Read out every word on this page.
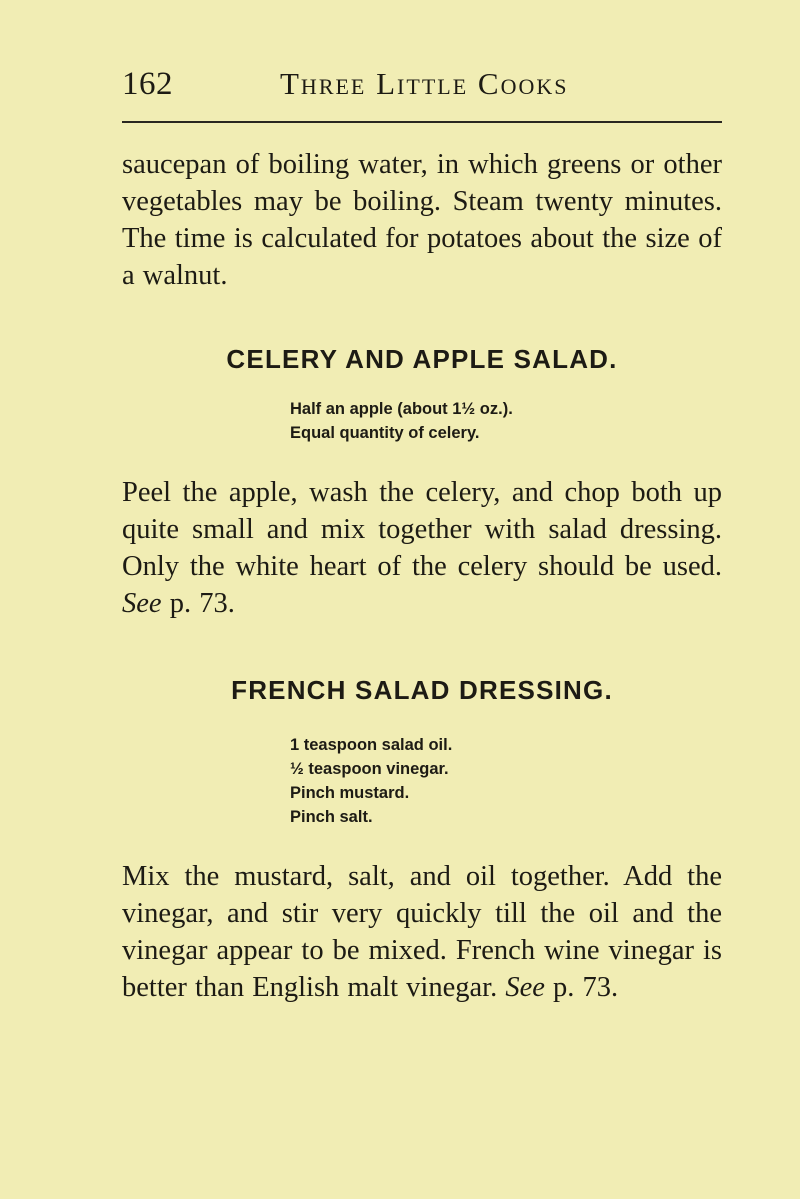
162	Three Little Cooks

saucepan of boiling water, in which greens or other vegetables may be boiling. Steam twenty minutes. The time is calculated for potatoes about the size of a walnut.

CELERY AND APPLE SALAD.
Half an apple (about 1½ oz.).
Equal quantity of celery.

Peel the apple, wash the celery, and chop both up quite small and mix together with salad dressing. Only the white heart of the celery should be used. See p. 73.

FRENCH SALAD DRESSING.
1 teaspoon salad oil.
½ teaspoon vinegar.
Pinch mustard.
Pinch salt.

Mix the mustard, salt, and oil together. Add the vinegar, and stir very quickly till the oil and the vinegar appear to be mixed. French wine vinegar is better than English malt vinegar. See p. 73.
